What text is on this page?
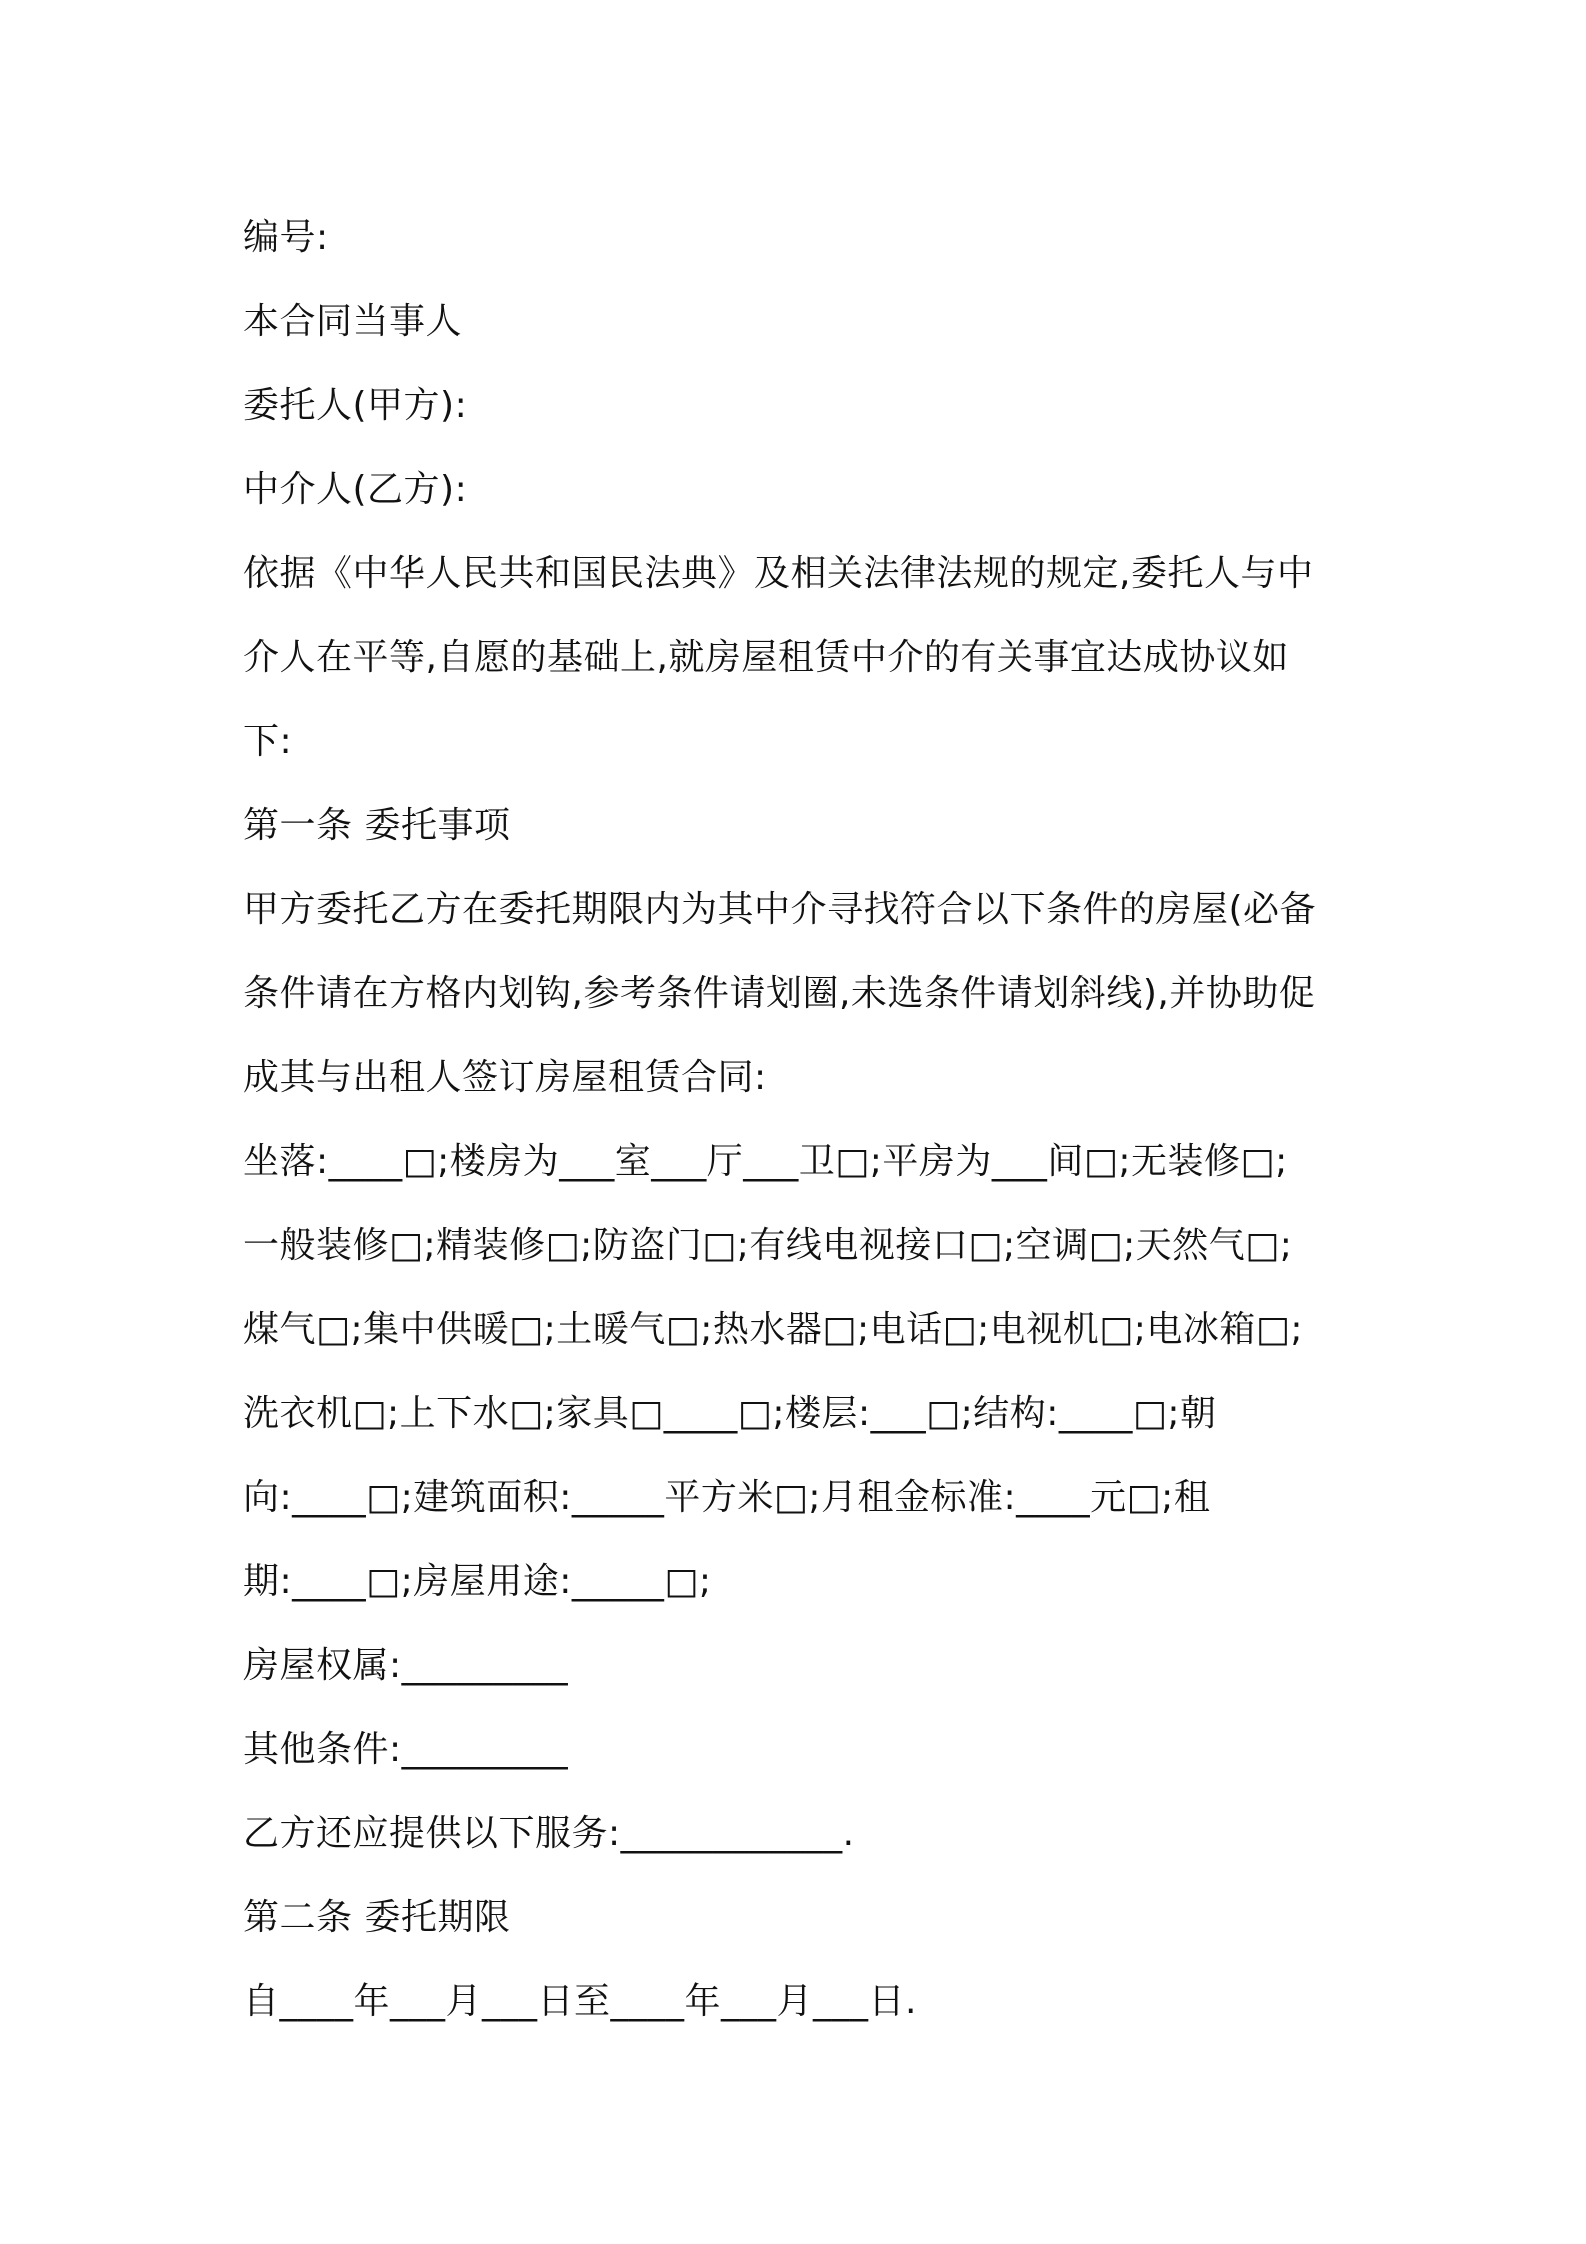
编号:
本合同当事人
委托人(甲方):
中介人(乙方):
依据《中华人民共和国民法典》及相关法律法规的规定,委托人与中
介人在平等,自愿的基础上,就房屋租赁中介的有关事宜达成协议如
下:
第一条 委托事项
甲方委托乙方在委托期限内为其中介寻找符合以下条件的房屋(必备
条件请在方格内划钩,参考条件请划圈,未选条件请划斜线),并协助促
成其与出租人签订房屋租赁合同:
坐落:____□;楼房为___室___厅___卫□;平房为___间□;无装修□;
一般装修□;精装修□;防盗门□;有线电视接口□;空调□;天然气□;
煤气□;集中供暖□;土暖气□;热水器□;电话□;电视机□;电冰箱□;
洗衣机□;上下水□;家具□____□;楼层:___□;结构:____□;朝
向:____□;建筑面积:_____平方米□;月租金标准:____元□;租
期:____□;房屋用途:_____□;
房屋权属:_________
其他条件:_________
乙方还应提供以下服务:____________.
第二条 委托期限
自____年___月___日至____年___月___日.
